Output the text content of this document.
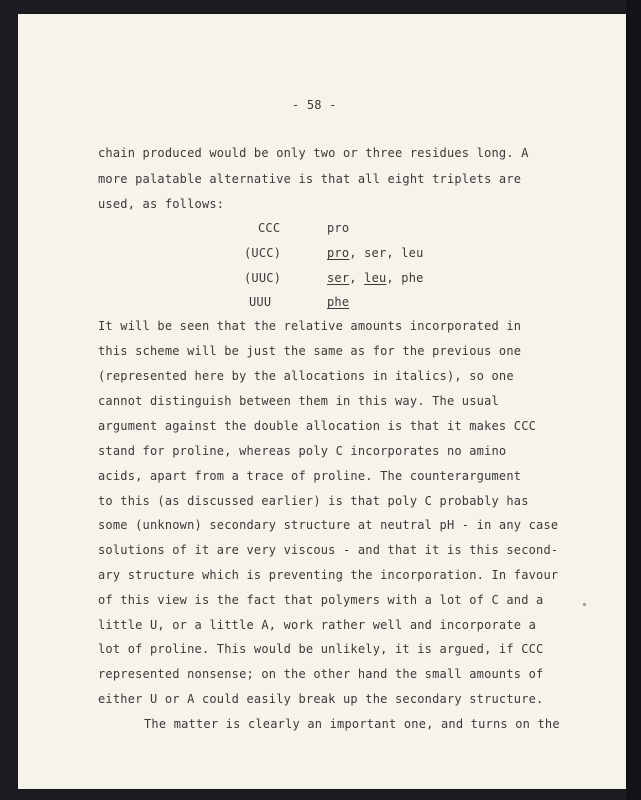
- 58 -
chain produced would be only two or three residues long. A
more palatable alternative is that all eight triplets are
used, as follows:
CCC	pro
(UCC)	pro, ser, leu
(UUC)	ser, leu, phe
UUU	phe
It will be seen that the relative amounts incorporated in
this scheme will be just the same as for the previous one
(represented here by the allocations in italics), so one
cannot distinguish between them in this way. The usual
argument against the double allocation is that it makes CCC
stand for proline, whereas poly C incorporates no amino
acids, apart from a trace of proline. The counterargument
to this (as discussed earlier) is that poly C probably has
some (unknown) secondary structure at neutral pH - in any case
solutions of it are very viscous - and that it is this second-
ary structure which is preventing the incorporation. In favour
of this view is the fact that polymers with a lot of C and a
little U, or a little A, work rather well and incorporate a
lot of proline. This would be unlikely, it is argued, if CCC
represented nonsense; on the other hand the small amounts of
either U or A could easily break up the secondary structure.
The matter is clearly an important one, and turns on the
